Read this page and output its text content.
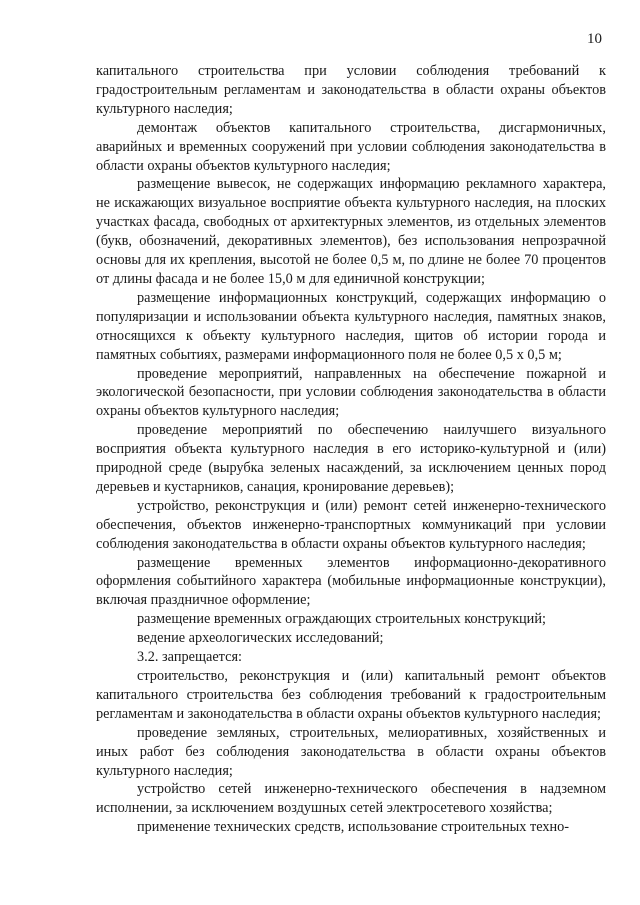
10

капитального строительства при условии соблюдения требований к градостроительным регламентам и законодательства в области охраны объектов культурного наследия;

демонтаж объектов капитального строительства, дисгармоничных, аварийных и временных сооружений при условии соблюдения законодательства в области охраны объектов культурного наследия;

размещение вывесок, не содержащих информацию рекламного характера, не искажающих визуальное восприятие объекта культурного наследия, на плоских участках фасада, свободных от архитектурных элементов, из отдельных элементов (букв, обозначений, декоративных элементов), без использования непрозрачной основы для их крепления, высотой не более 0,5 м, по длине не более 70 процентов от длины фасада и не более 15,0 м для единичной конструкции;

размещение информационных конструкций, содержащих информацию о популяризации и использовании объекта культурного наследия, памятных знаков, относящихся к объекту культурного наследия, щитов об истории города и памятных событиях, размерами информационного поля не более 0,5 х 0,5 м;

проведение мероприятий, направленных на обеспечение пожарной и экологической безопасности, при условии соблюдения законодательства в области охраны объектов культурного наследия;

проведение мероприятий по обеспечению наилучшего визуального восприятия объекта культурного наследия в его историко-культурной и (или) природной среде (вырубка зеленых насаждений, за исключением ценных пород деревьев и кустарников, санация, кронирование деревьев);

устройство, реконструкция и (или) ремонт сетей инженерно-технического обеспечения, объектов инженерно-транспортных коммуникаций при условии соблюдения законодательства в области охраны объектов культурного наследия;

размещение временных элементов информационно-декоративного оформления событийного характера (мобильные информационные конструкции), включая праздничное оформление;

размещение временных ограждающих строительных конструкций;

ведение археологических исследований;

3.2. запрещается:

строительство, реконструкция и (или) капитальный ремонт объектов капитального строительства без соблюдения требований к градостроительным регламентам и законодательства в области охраны объектов культурного наследия;

проведение земляных, строительных, мелиоративных, хозяйственных и иных работ без соблюдения законодательства в области охраны объектов культурного наследия;

устройство сетей инженерно-технического обеспечения в надземном исполнении, за исключением воздушных сетей электросетевого хозяйства;

применение технических средств, использование строительных техно-
